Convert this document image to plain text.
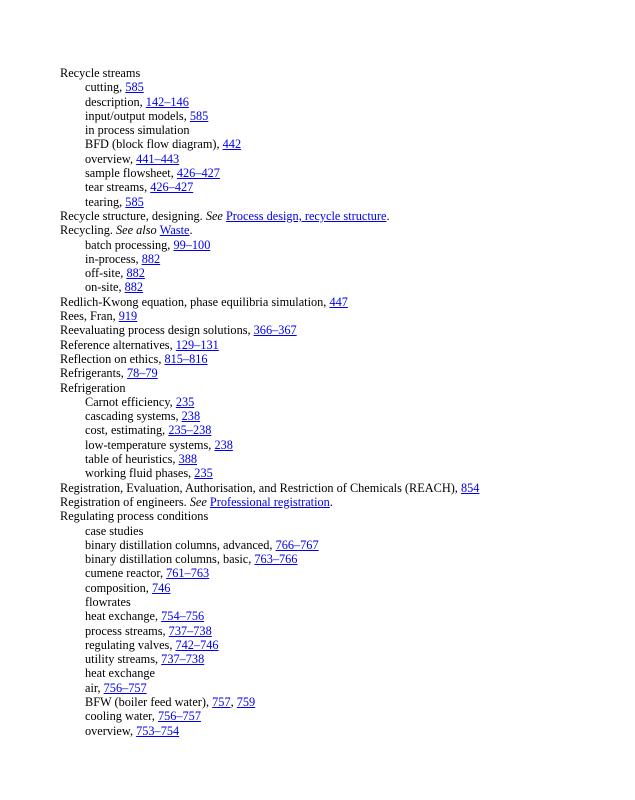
Recycle streams
cutting, 585
description, 142–146
input/output models, 585
in process simulation
BFD (block flow diagram), 442
overview, 441–443
sample flowsheet, 426–427
tear streams, 426–427
tearing, 585
Recycle structure, designing. See Process design, recycle structure.
Recycling. See also Waste.
batch processing, 99–100
in-process, 882
off-site, 882
on-site, 882
Redlich-Kwong equation, phase equilibria simulation, 447
Rees, Fran, 919
Reevaluating process design solutions, 366–367
Reference alternatives, 129–131
Reflection on ethics, 815–816
Refrigerants, 78–79
Refrigeration
Carnot efficiency, 235
cascading systems, 238
cost, estimating, 235–238
low-temperature systems, 238
table of heuristics, 388
working fluid phases, 235
Registration, Evaluation, Authorisation, and Restriction of Chemicals (REACH), 854
Registration of engineers. See Professional registration.
Regulating process conditions
case studies
binary distillation columns, advanced, 766–767
binary distillation columns, basic, 763–766
cumene reactor, 761–763
composition, 746
flowrates
heat exchange, 754–756
process streams, 737–738
regulating valves, 742–746
utility streams, 737–738
heat exchange
air, 756–757
BFW (boiler feed water), 757, 759
cooling water, 756–757
overview, 753–754
